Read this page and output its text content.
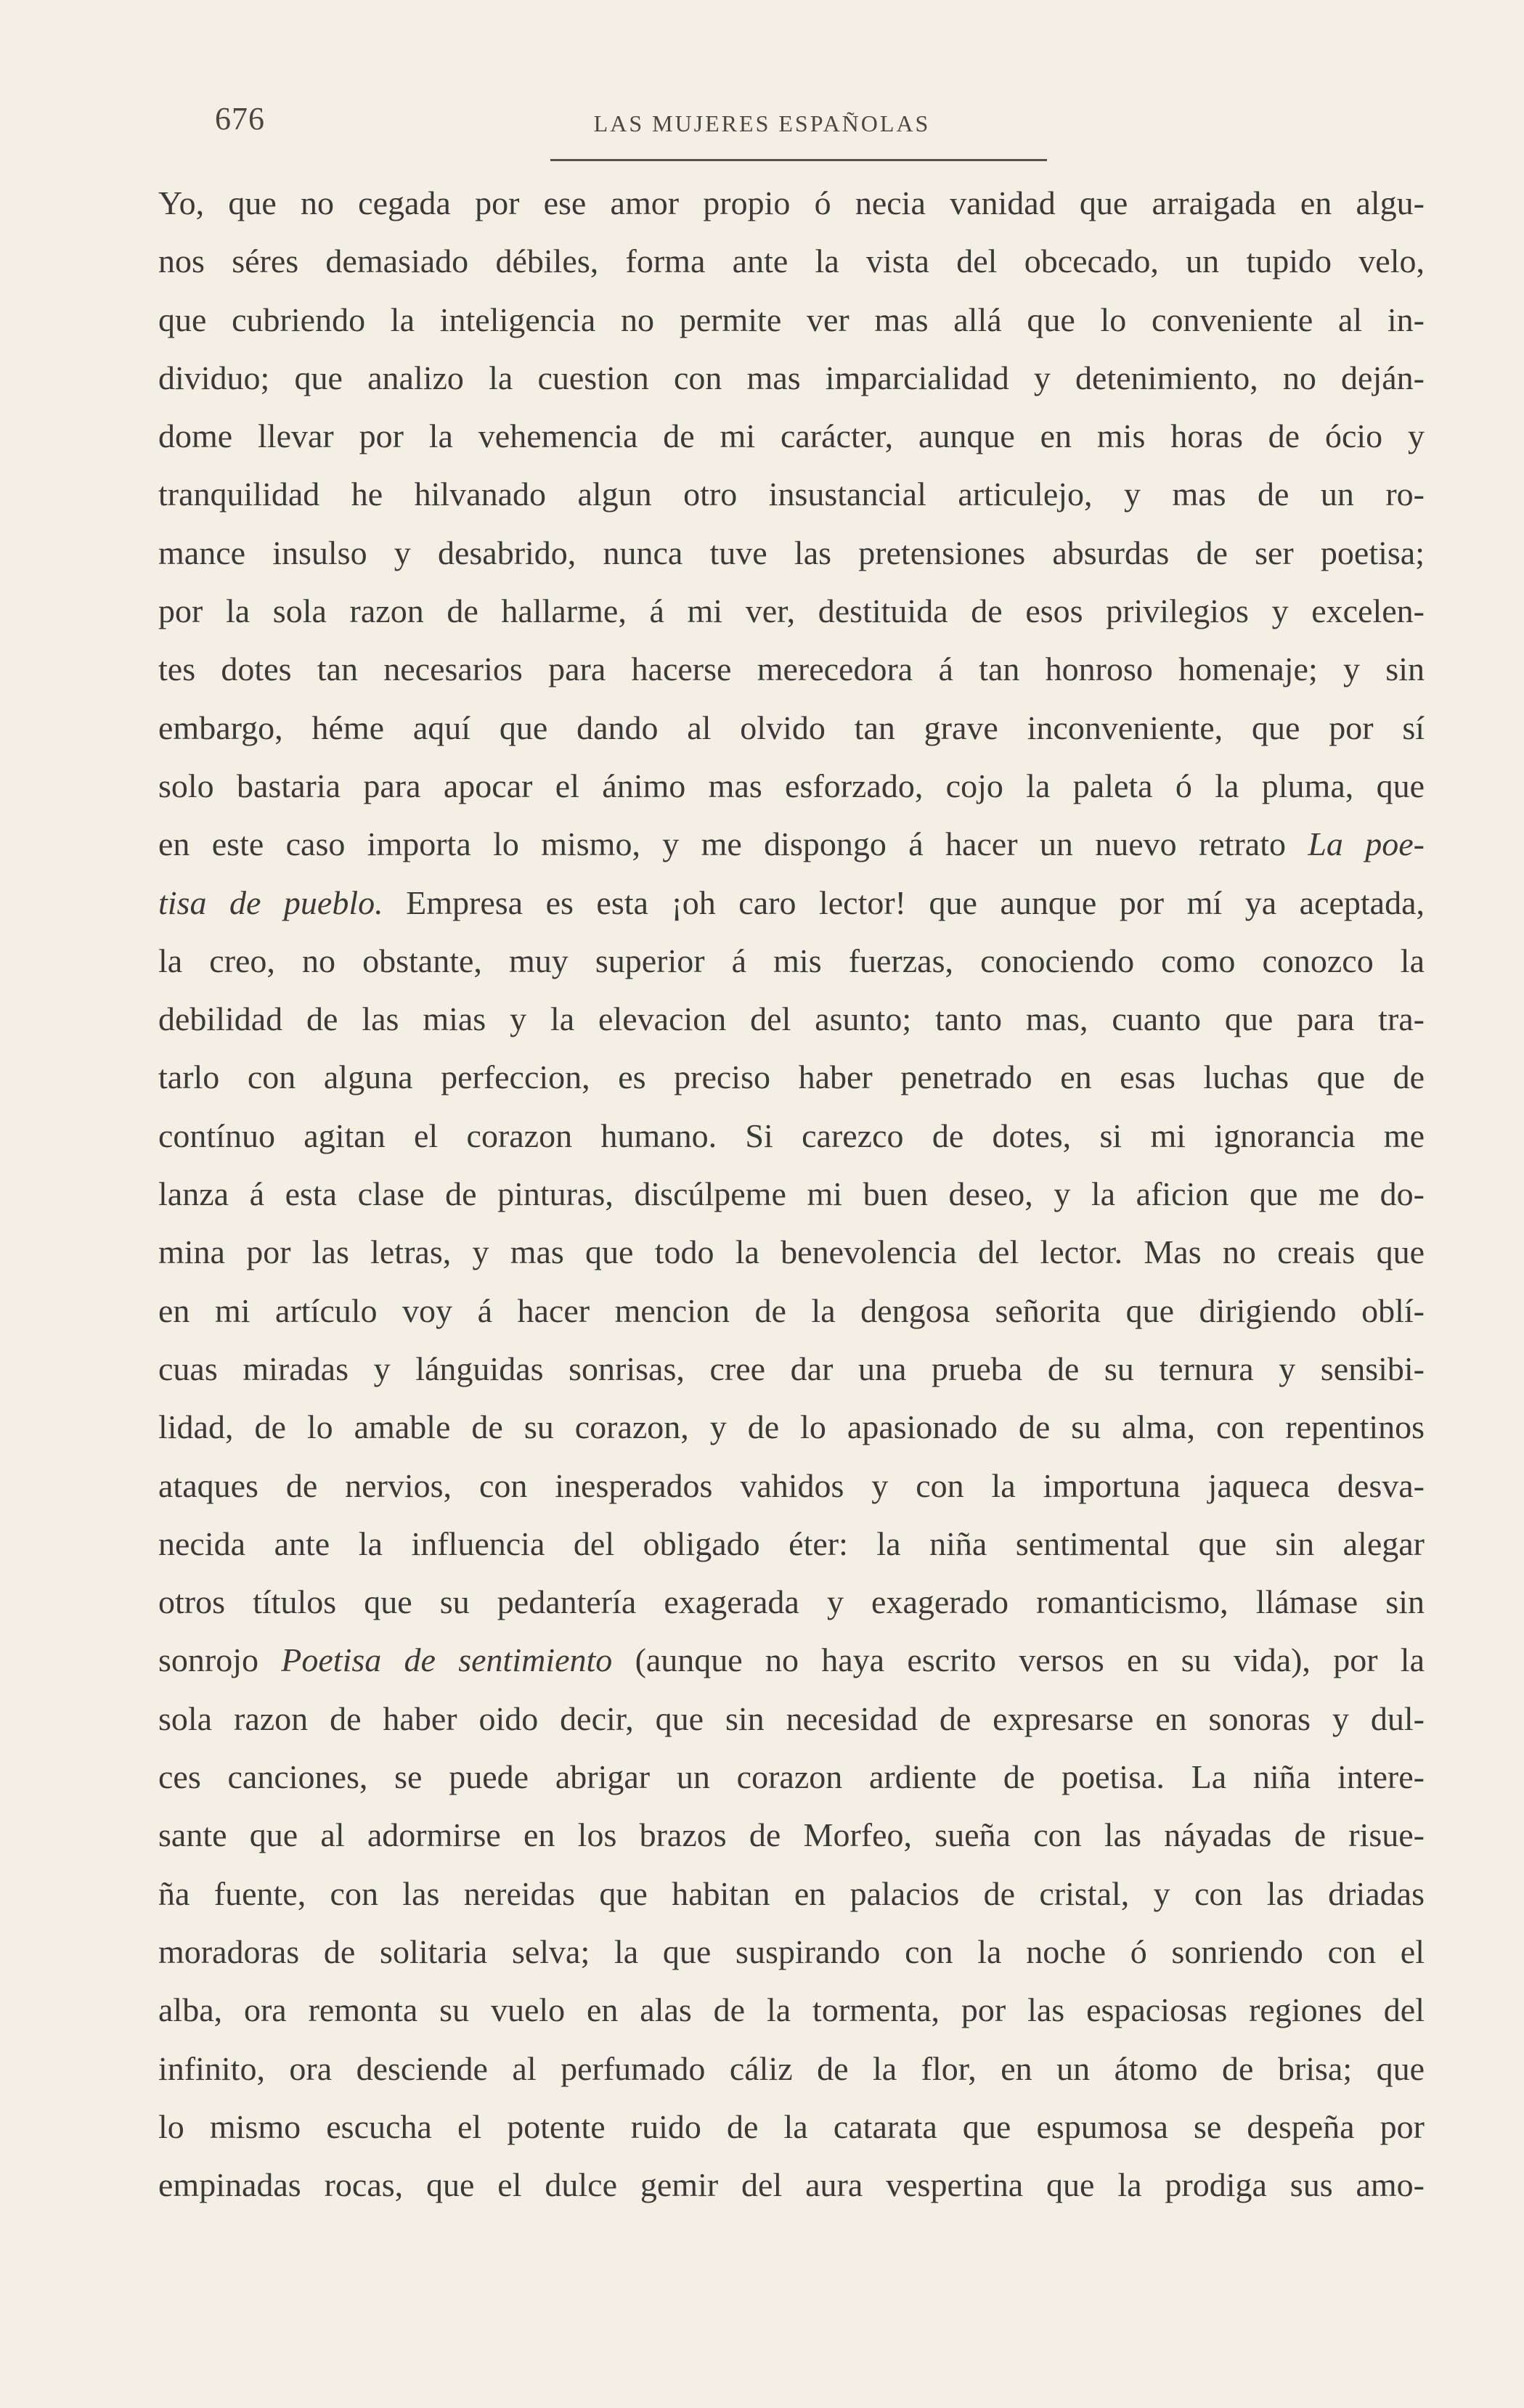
676	LAS MUJERES ESPAÑOLAS
Yo, que no cegada por ese amor propio ó necia vanidad que arraigada en algu-
nos séres demasiado débiles, forma ante la vista del obcecado, un tupido velo,
que cubriendo la inteligencia no permite ver mas allá que lo conveniente al in-
dividuo; que analizo la cuestion con mas imparcialidad y detenimiento, no deján-
dome llevar por la vehemencia de mi carácter, aunque en mis horas de ócio y
tranquilidad he hilvanado algun otro insustancial articulejo, y mas de un ro-
mance insulso y desabrido, nunca tuve las pretensiones absurdas de ser poetisa;
por la sola razon de hallarme, á mi ver, destituida de esos privilegios y excelen-
tes dotes tan necesarios para hacerse merecedora á tan honroso homenaje; y sin
embargo, héme aquí que dando al olvido tan grave inconveniente, que por sí
solo bastaria para apocar el ánimo mas esforzado, cojo la paleta ó la pluma, que
en este caso importa lo mismo, y me dispongo á hacer un nuevo retrato La poe-
tisa de pueblo. Empresa es esta ¡oh caro lector! que aunque por mí ya aceptada,
la creo, no obstante, muy superior á mis fuerzas, conociendo como conozco la
debilidad de las mias y la elevacion del asunto; tanto mas, cuanto que para tra-
tarlo con alguna perfeccion, es preciso haber penetrado en esas luchas que de
contínuo agitan el corazon humano. Si carezco de dotes, si mi ignorancia me
lanza á esta clase de pinturas, discúlpeme mi buen deseo, y la aficion que me do-
mina por las letras, y mas que todo la benevolencia del lector. Mas no creais que
en mi artículo voy á hacer mencion de la dengosa señorita que dirigiendo oblí-
cuas miradas y lánguidas sonrisas, cree dar una prueba de su ternura y sensibi-
lidad, de lo amable de su corazon, y de lo apasionado de su alma, con repentinos
ataques de nervios, con inesperados vahidos y con la importuna jaqueca desva-
necida ante la influencia del obligado éter: la niña sentimental que sin alegar
otros títulos que su pedantería exagerada y exagerado romanticismo, llámase sin
sonrojo Poetisa de sentimiento (aunque no haya escrito versos en su vida), por la
sola razon de haber oido decir, que sin necesidad de expresarse en sonoras y dul-
ces canciones, se puede abrigar un corazon ardiente de poetisa. La niña intere-
sante que al adormirse en los brazos de Morfeo, sueña con las náyadas de risue-
ña fuente, con las nereidas que habitan en palacios de cristal, y con las driadas
moradoras de solitaria selva; la que suspirando con la noche ó sonriendo con el
alba, ora remonta su vuelo en alas de la tormenta, por las espaciosas regiones del
infinito, ora desciende al perfumado cáliz de la flor, en un átomo de brisa; que
lo mismo escucha el potente ruido de la catarata que espumosa se despeña por
empinadas rocas, que el dulce gemir del aura vespertina que la prodiga sus amo-
